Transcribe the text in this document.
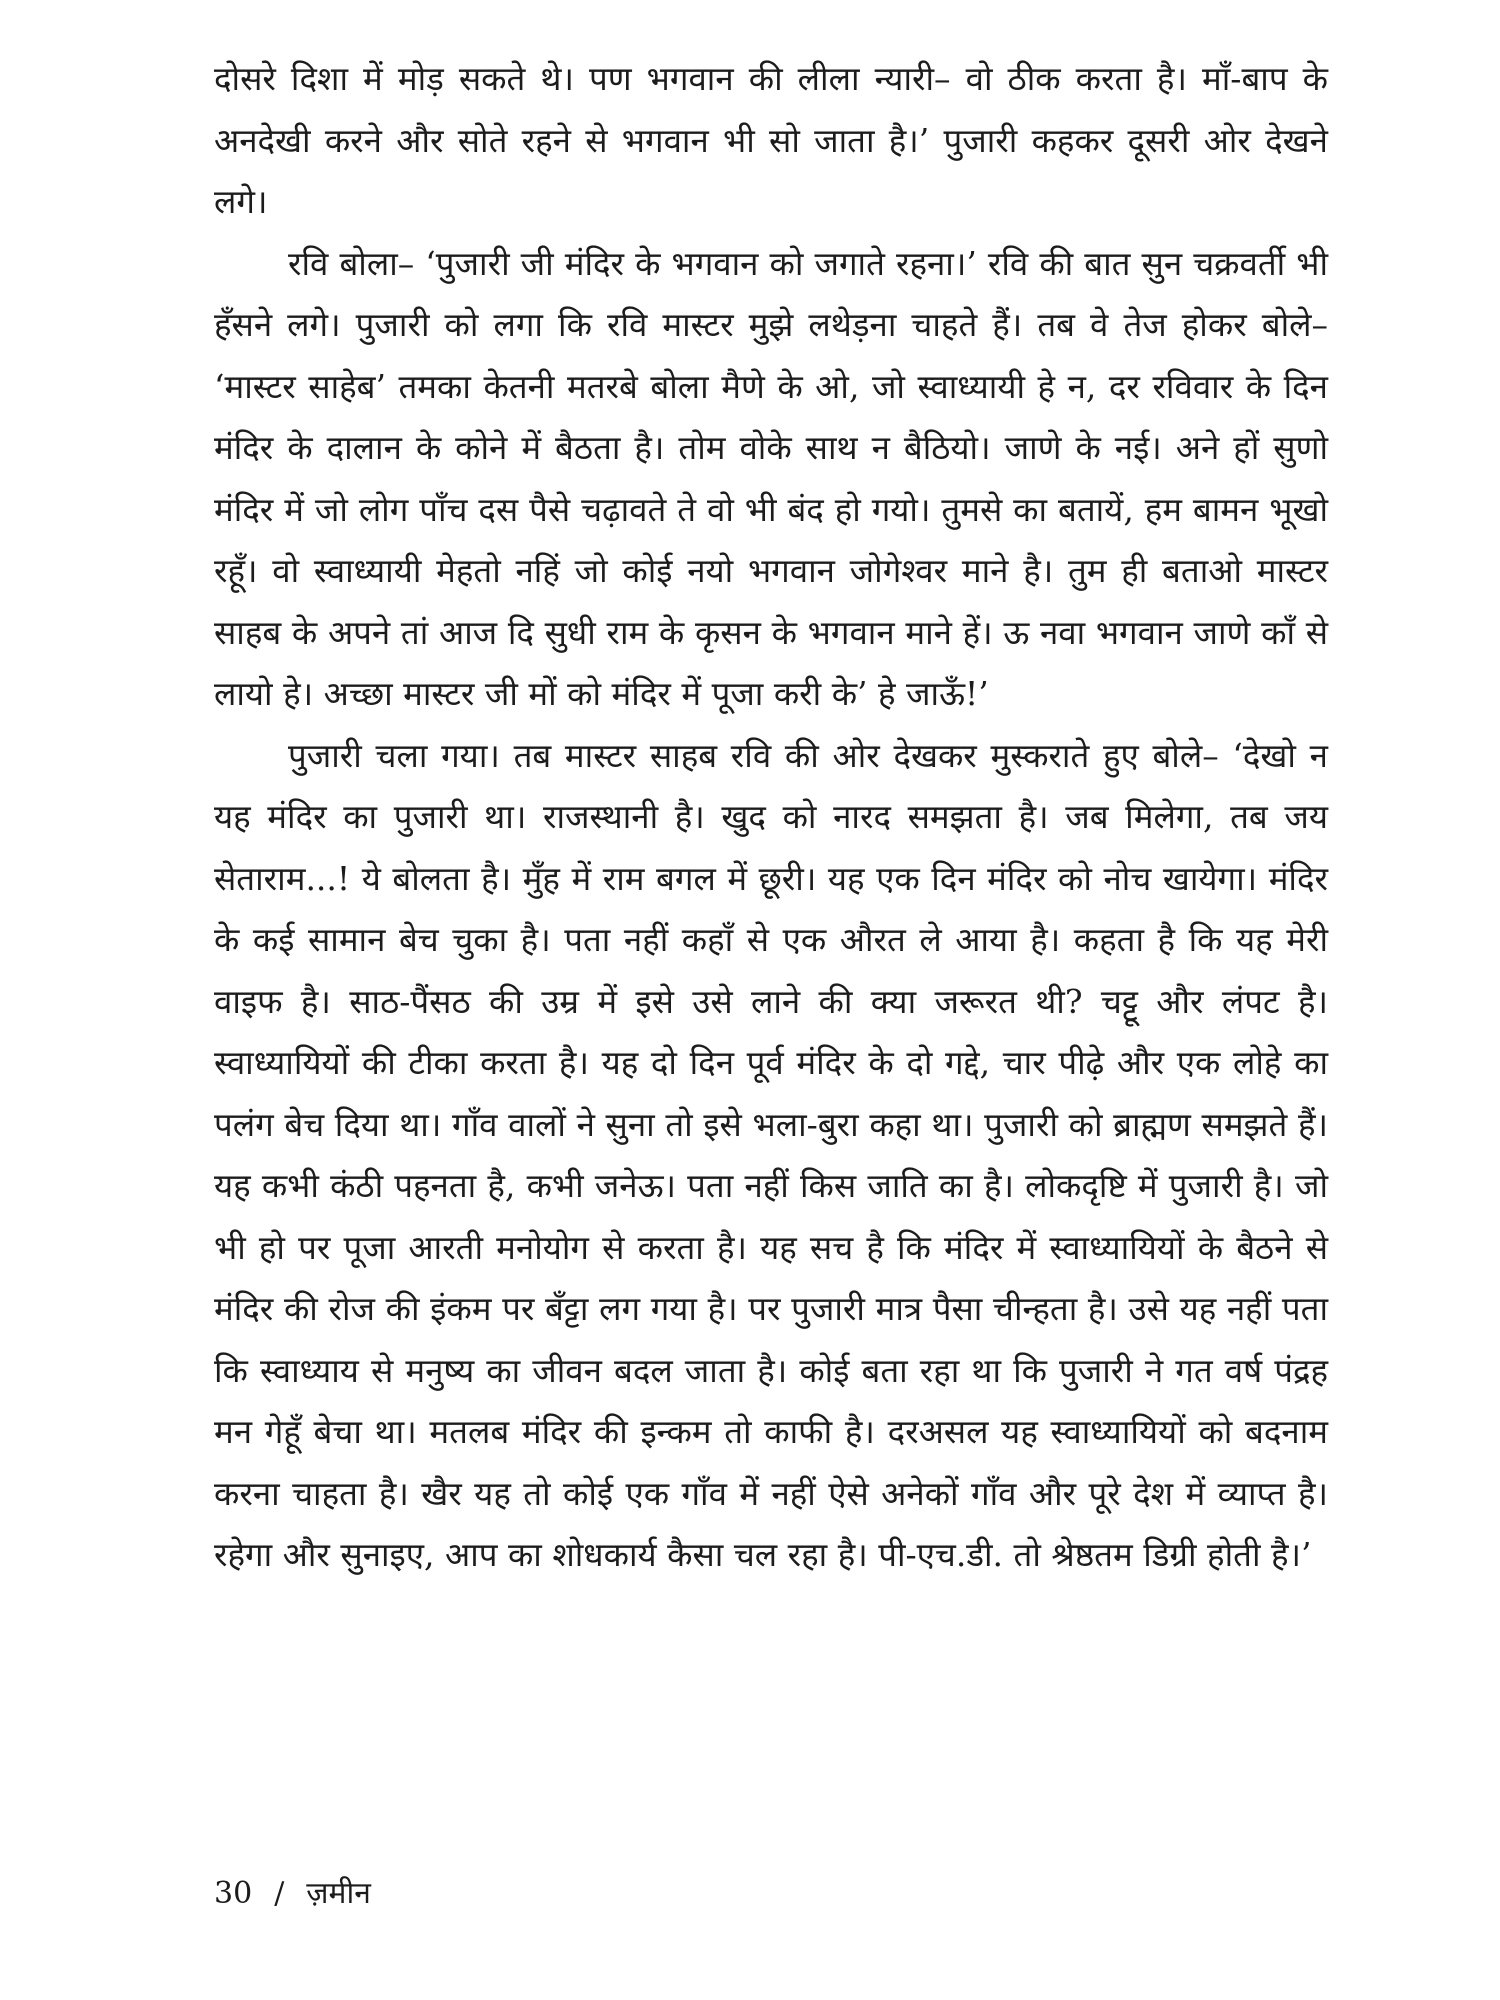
दोसरे दिशा में मोड़ सकते थे। पण भगवान की लीला न्यारी– वो ठीक करता है। माँ-बाप के अनदेखी करने और सोते रहने से भगवान भी सो जाता है।’ पुजारी कहकर दूसरी ओर देखने लगे।

रवि बोला– ‘पुजारी जी मंदिर के भगवान को जगाते रहना।’ रवि की बात सुन चक्रवर्ती भी हँसने लगे। पुजारी को लगा कि रवि मास्टर मुझे लथेड़ना चाहते हैं। तब वे तेज होकर बोले– ‘मास्टर साहेब’ तमका केतनी मतरबे बोला मैणे के ओ, जो स्वाध्यायी हे न, दर रविवार के दिन मंदिर के दालान के कोने में बैठता है। तोम वोके साथ न बैठियो। जाणे के नई। अने हों सुणो मंदिर में जो लोग पाँच दस पैसे चढ़ावते ते वो भी बंद हो गयो। तुमसे का बतायें, हम बामन भूखो रहूँ। वो स्वाध्यायी मेहतो नहिं जो कोई नयो भगवान जोगेश्वर माने है। तुम ही बताओ मास्टर साहब के अपने तां आज दि सुधी राम के कृसन के भगवान माने हें। ऊ नवा भगवान जाणे काँ से लायो हे। अच्छा मास्टर जी मों को मंदिर में पूजा करी के’ हे जाऊँ!’

पुजारी चला गया। तब मास्टर साहब रवि की ओर देखकर मुस्कराते हुए बोले– ‘देखो न यह मंदिर का पुजारी था। राजस्थानी है। खुद को नारद समझता है। जब मिलेगा, तब जय सेताराम...! ये बोलता है। मुँह में राम बगल में छूरी। यह एक दिन मंदिर को नोच खायेगा। मंदिर के कई सामान बेच चुका है। पता नहीं कहाँ से एक औरत ले आया है। कहता है कि यह मेरी वाइफ है। साठ-पैंसठ की उम्र में इसे उसे लाने की क्या जरूरत थी? चट्टू और लंपट है। स्वाध्यायियों की टीका करता है। यह दो दिन पूर्व मंदिर के दो गद्दे, चार पीढ़े और एक लोहे का पलंग बेच दिया था। गाँव वालों ने सुना तो इसे भला-बुरा कहा था। पुजारी को ब्राह्मण समझते हैं। यह कभी कंठी पहनता है, कभी जनेऊ। पता नहीं किस जाति का है। लोकदृष्टि में पुजारी है। जो भी हो पर पूजा आरती मनोयोग से करता है। यह सच है कि मंदिर में स्वाध्यायियों के बैठने से मंदिर की रोज की इंकम पर बँट्टा लग गया है। पर पुजारी मात्र पैसा चीन्हता है। उसे यह नहीं पता कि स्वाध्याय से मनुष्य का जीवन बदल जाता है। कोई बता रहा था कि पुजारी ने गत वर्ष पंद्रह मन गेहूँ बेचा था। मतलब मंदिर की इन्कम तो काफी है। दरअसल यह स्वाध्यायियों को बदनाम करना चाहता है। खैर यह तो कोई एक गाँव में नहीं ऐसे अनेकों गाँव और पूरे देश में व्याप्त है। रहेगा और सुनाइए, आप का शोधकार्य कैसा चल रहा है। पी-एच.डी. तो श्रेष्ठतम डिग्री होती है।’

30 / ज़मीन
